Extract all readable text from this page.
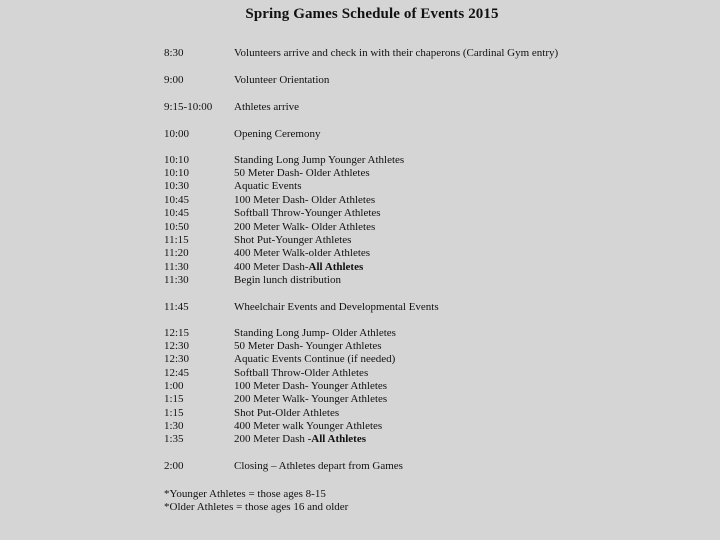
Spring Games Schedule of Events 2015
8:30	Volunteers arrive and check in with their chaperons (Cardinal Gym entry)
9:00	Volunteer Orientation
9:15-10:00	Athletes arrive
10:00	Opening Ceremony
10:10	Standing Long Jump Younger Athletes
10:10	50 Meter Dash- Older Athletes
10:30	Aquatic Events
10:45	100 Meter Dash- Older Athletes
10:45	Softball Throw-Younger Athletes
10:50	200 Meter Walk- Older Athletes
11:15	Shot Put-Younger Athletes
11:20	400 Meter Walk-older Athletes
11:30	400 Meter Dash-All Athletes
11:30	Begin lunch distribution
11:45	Wheelchair Events and Developmental Events
12:15	Standing Long Jump- Older Athletes
12:30	50 Meter Dash- Younger Athletes
12:30	Aquatic Events Continue (if needed)
12:45	Softball Throw-Older Athletes
1:00	100 Meter Dash- Younger Athletes
1:15	200 Meter Walk- Younger Athletes
1:15	Shot Put-Older Athletes
1:30	400 Meter walk Younger Athletes
1:35	200 Meter Dash -All Athletes
2:00	Closing – Athletes depart from Games
*Younger Athletes = those ages 8-15
*Older Athletes = those ages 16 and older
